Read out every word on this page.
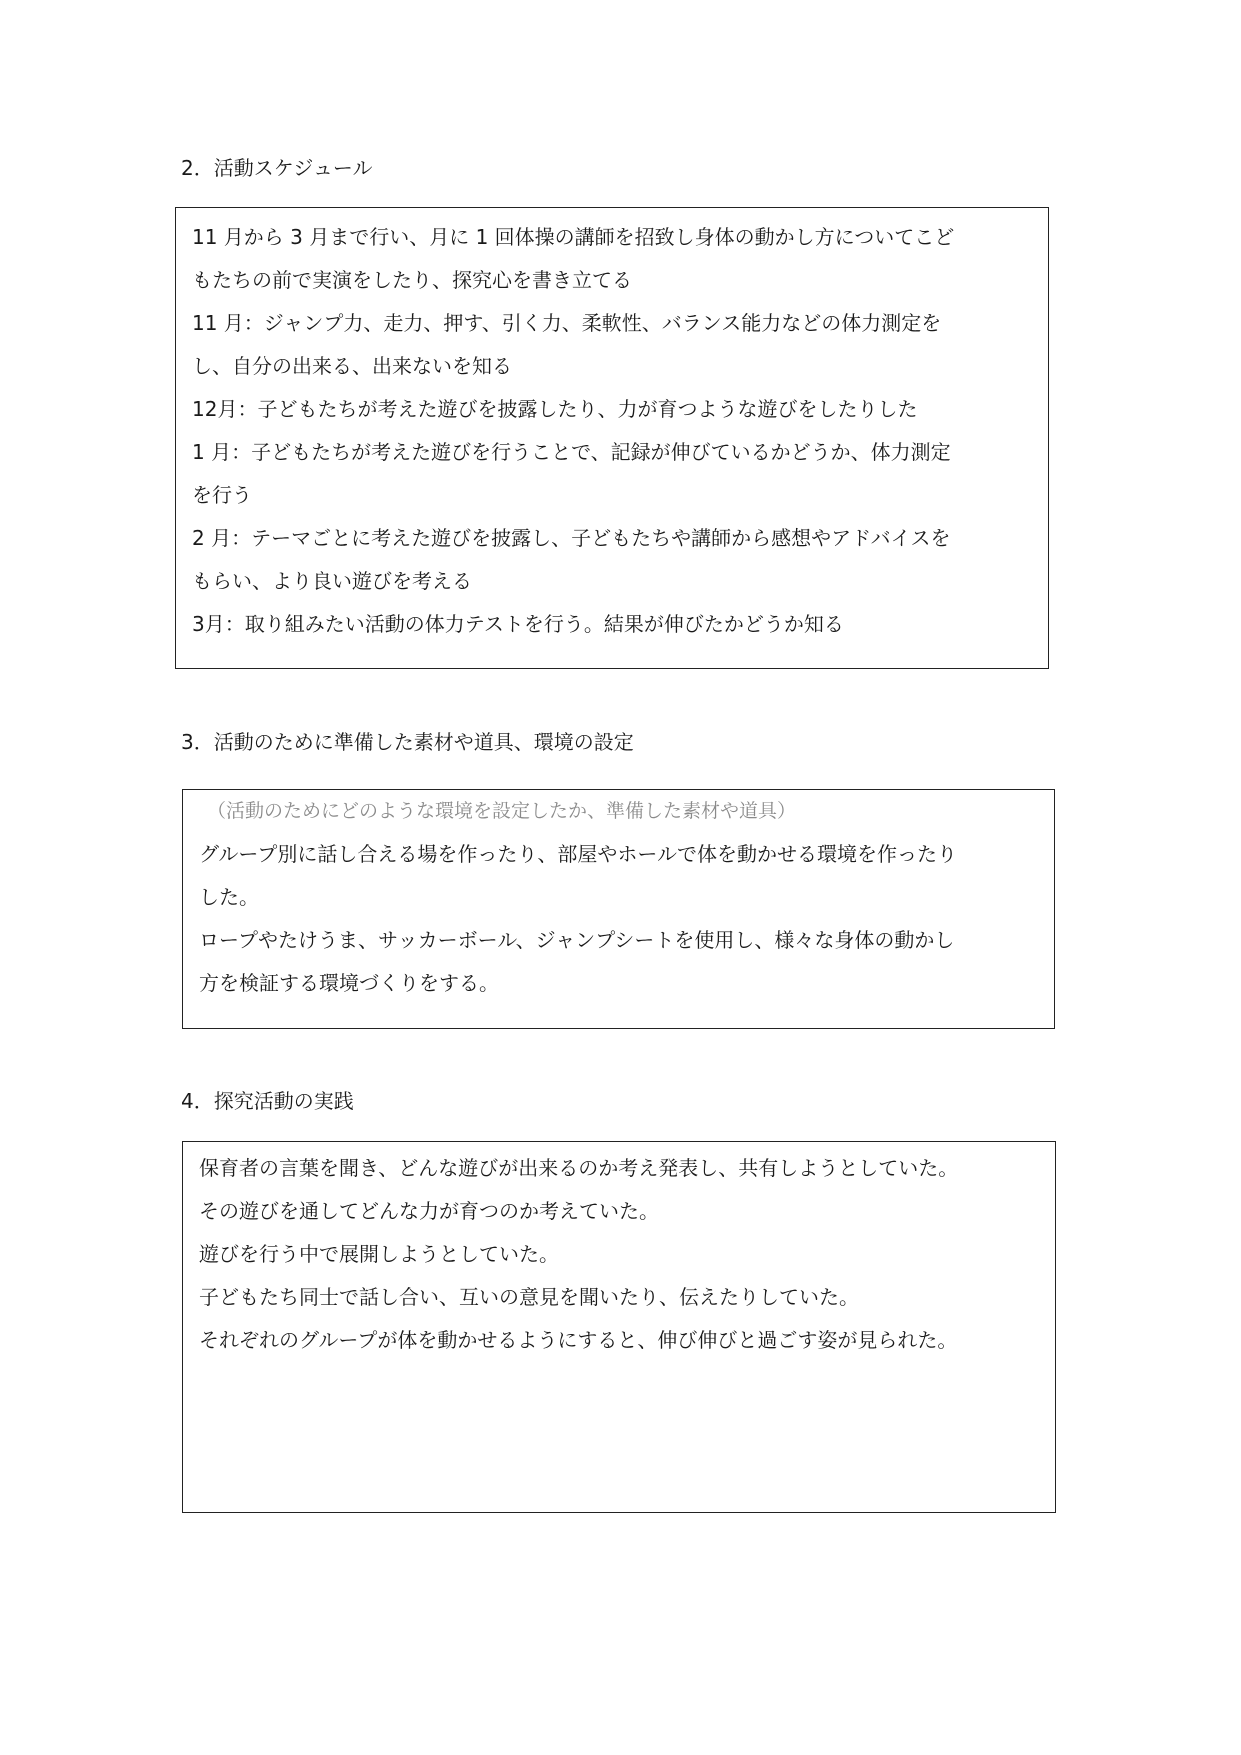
2．活動スケジュール

11 月から 3 月まで行い、月に 1 回体操の講師を招致し身体の動かし方についてこど

もたちの前で実演をしたり、探究心を書き立てる

11 月：ジャンプ力、走力、押す、引く力、柔軟性、バランス能力などの体力測定を

し、自分の出来る、出来ないを知る

12月：子どもたちが考えた遊びを披露したり、力が育つような遊びをしたりした

1 月：子どもたちが考えた遊びを行うことで、記録が伸びているかどうか、体力測定

を行う

2 月：テーマごとに考えた遊びを披露し、子どもたちや講師から感想やアドバイスを

もらい、より良い遊びを考える

3月：取り組みたい活動の体力テストを行う。結果が伸びたかどうか知る

3．活動のために準備した素材や道具、環境の設定

（活動のためにどのような環境を設定したか、準備した素材や道具）

グループ別に話し合える場を作ったり、部屋やホールで体を動かせる環境を作ったり

した。

ロープやたけうま、サッカーボール、ジャンプシートを使用し、様々な身体の動かし

方を検証する環境づくりをする。

4．探究活動の実践

保育者の言葉を聞き、どんな遊びが出来るのか考え発表し、共有しようとしていた。

その遊びを通してどんな力が育つのか考えていた。

遊びを行う中で展開しようとしていた。

子どもたち同士で話し合い、互いの意見を聞いたり、伝えたりしていた。

それぞれのグループが体を動かせるようにすると、伸び伸びと過ごす姿が見られた。
